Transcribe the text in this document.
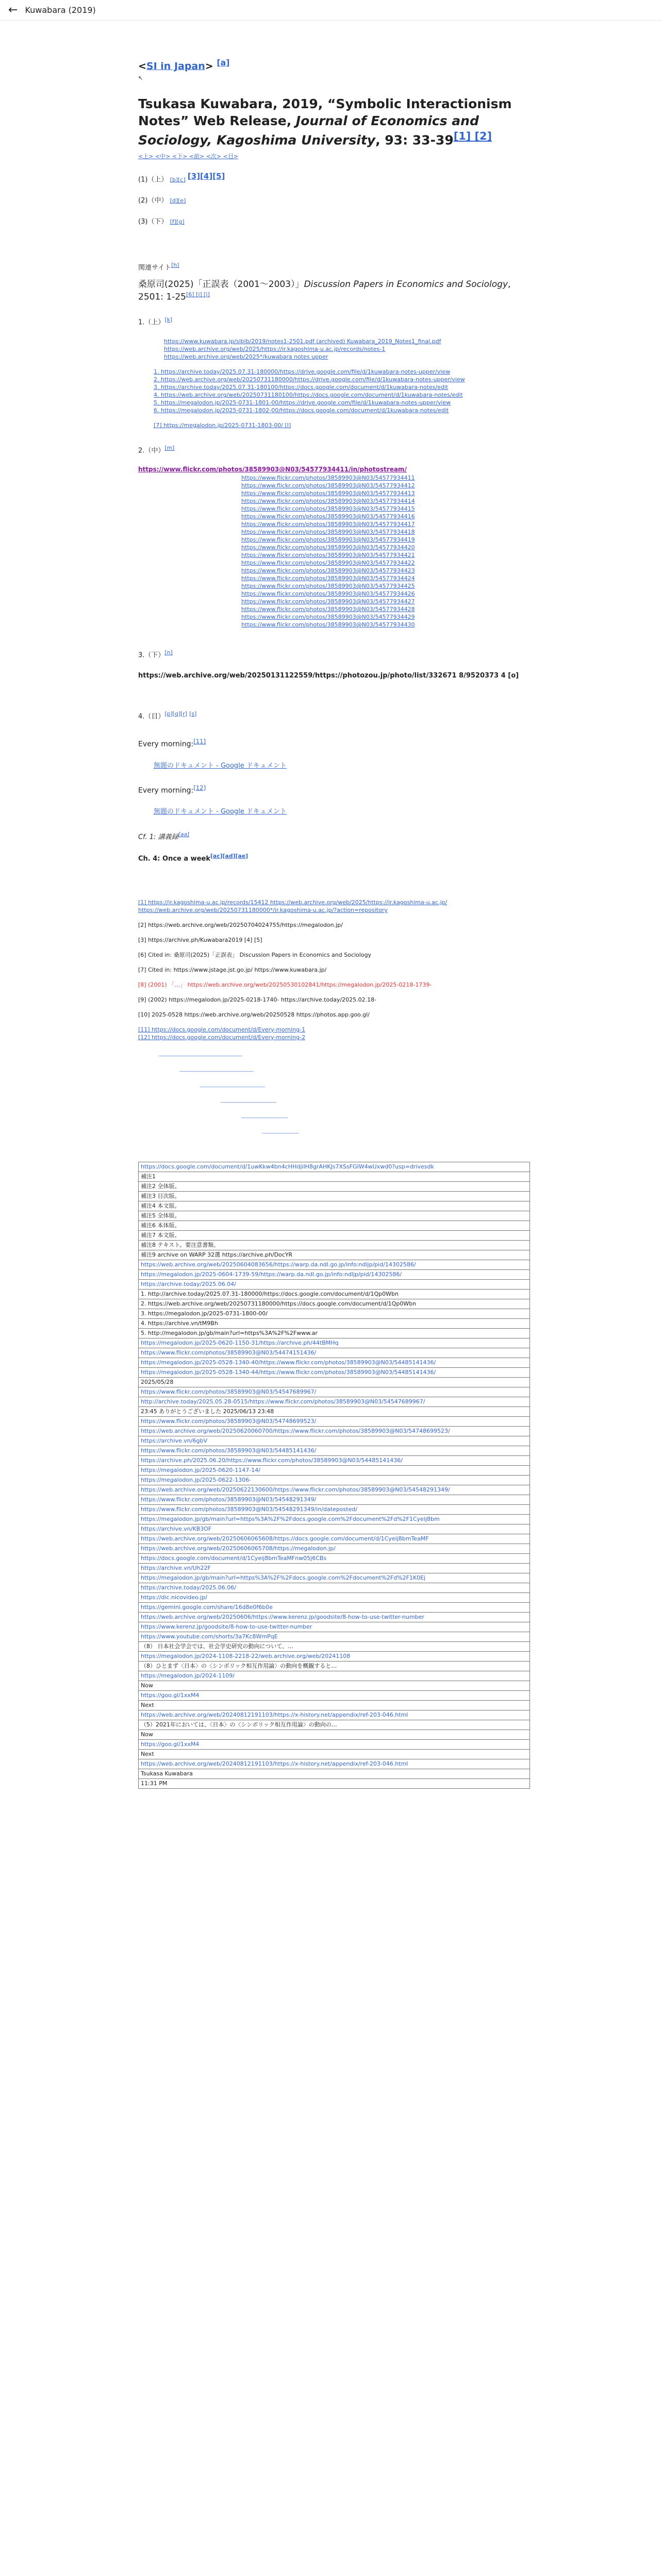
← Kuwabara (2019)
<SI in Japan> [a]
↖
Tsukasa Kuwabara, 2019, “Symbolic Interactionism Notes” Web Release, Journal of Economics and Sociology, Kagoshima University, 93: 33-39[1] [2]
<上> <中> <下> <前> <次> <目>
(1)（上） [b][c] [3][4][5]
(2)（中） [d][e]
(3)（下） [f][g]
関連サイト[h]
桑原司(2025)「正誤表（2001〜2003）」Discussion Papers in Economics and Sociology, 2501: 1-25[6] [i] [j]
1.（上）[k]
https://www.kuwabara.jp/sibib/2019/notes1-2501.pdf (archived) Kuwabara_2019_Notes1_final.pdf
https://web.archive.org/web/2025/https://ir.kagoshima-u.ac.jp/records/notes-1
https://web.archive.org/web/2025*/kuwabara notes upper
1. https://archive.today/2025.07.31-180000/https://drive.google.com/file/d/1kuwabara-notes-upper/view
2. https://web.archive.org/web/20250731180000/https://drive.google.com/file/d/1kuwabara-notes-upper/view
3. https://archive.today/2025.07.31-180100/https://docs.google.com/document/d/1kuwabara-notes/edit
4. https://web.archive.org/web/20250731180100/https://docs.google.com/document/d/1kuwabara-notes/edit
5. https://megalodon.jp/2025-0731-1801-00/https://drive.google.com/file/d/1kuwabara-notes-upper/view
6. https://megalodon.jp/2025-0731-1802-00/https://docs.google.com/document/d/1kuwabara-notes/edit
[7] https://megalodon.jp/2025-0731-1803-00/ [l]
2.（中）[m]
https://www.flickr.com/photos/38589903@N03/54577934411/in/photostream/
https://www.flickr.com/photos/38589903@N03/54577934411
https://www.flickr.com/photos/38589903@N03/54577934412
https://www.flickr.com/photos/38589903@N03/54577934413
https://www.flickr.com/photos/38589903@N03/54577934414
https://www.flickr.com/photos/38589903@N03/54577934415
https://www.flickr.com/photos/38589903@N03/54577934416
https://www.flickr.com/photos/38589903@N03/54577934417
https://www.flickr.com/photos/38589903@N03/54577934418
https://www.flickr.com/photos/38589903@N03/54577934419
https://www.flickr.com/photos/38589903@N03/54577934420
https://www.flickr.com/photos/38589903@N03/54577934421
https://www.flickr.com/photos/38589903@N03/54577934422
https://www.flickr.com/photos/38589903@N03/54577934423
https://www.flickr.com/photos/38589903@N03/54577934424
https://www.flickr.com/photos/38589903@N03/54577934425
https://www.flickr.com/photos/38589903@N03/54577934426
https://www.flickr.com/photos/38589903@N03/54577934427
https://www.flickr.com/photos/38589903@N03/54577934428
https://www.flickr.com/photos/38589903@N03/54577934429
https://www.flickr.com/photos/38589903@N03/54577934430
3.（下）[n]
https://web.archive.org/web/20250131122559/https://photozou.jp/photo/list/332671 8/9520373 4 [o]
4.（目）[p][q][r] [s]
Every morning:[11]
無題のドキュメント - Google ドキュメント
Every morning:[12]
無題のドキュメント - Google ドキュメント
Cf. 1: 講義録[aa]
Ch. 4: Once a week[ac][ad][ae]
[1] https://ir.kagoshima-u.ac.jp/records/15412 https://web.archive.org/web/2025/https://ir.kagoshima-u.ac.jp/
https://web.archive.org/web/20250731180000*/ir.kagoshima-u.ac.jp/?action=repository
[2] https://web.archive.org/web/20250704024755/https://megalodon.jp/
[3] https://archive.ph/Kuwabara2019 [4] [5]
[6] Cited in: 桑原司(2025)「正誤表」 Discussion Papers in Economics and Sociology
[7] Cited in: https://www.jstage.jst.go.jp/ https://www.kuwabara.jp/
[8] (2001) 「…」 https://web.archive.org/web/20250530102841/https://megalodon.jp/2025-0218-1739-
[9] (2002) https://megalodon.jp/2025-0218-1740- https://archive.today/2025.02.18-
[10] 2025-0528 https://web.archive.org/web/20250528 https://photos.app.goo.gl/
[11] https://docs.google.com/document/d/Every-morning-1
[12] https://docs.google.com/document/d/Every-morning-2
____________________________________
________________________________
____________________________
________________________
____________________
________________
https://docs.google.com/document/d/1uwKkw4bn4cHHdjiIH8grAHKJs7XSsFGIW4wUxwd0?usp=drivesdk
補注1
補注2 全体版。
補注3 目次版。
補注4 本文版。
補注5 全体版。
補注6 本体版。
補注7 本文版。
補注8 テキスト。要注意書類。
補注9 archive on WARP 32選 https://archive.ph/DocYR
https://web.archive.org/web/20250604083656/https://warp.da.ndl.go.jp/info:ndljp/pid/14302586/
https://megalodon.jp/2025-0604-1739-59/https://warp.da.ndl.go.jp/info:ndljp/pid/14302586/
https://archive.today/2025.06.04/
1. http://archive.today/2025.07.31-180000/https://docs.google.com/document/d/1Qp0Wbn
2. https://web.archive.org/web/20250731180000/https://docs.google.com/document/d/1Qp0Wbn
3. https://megalodon.jp/2025-0731-1800-00/
4. https://archive.vn/tM9Bh
5. http://megalodon.jp/gb/main?url=https%3A%2F%2Fwww.ar
https://megalodon.jp/2025-0620-1150-31/https://archive.ph/44tBMHq
https://www.flickr.com/photos/38589903@N03/54474151436/
https://megalodon.jp/2025-0528-1340-40/https://www.flickr.com/photos/38589903@N03/54485141436/
https://megalodon.jp/2025-0528-1340-44/https://www.flickr.com/photos/38589903@N03/54485141436/
2025/05/28
https://www.flickr.com/photos/38589903@N03/54547689967/
http://archive.today/2025.05.28-0515/https://www.flickr.com/photos/38589903@N03/54547689967/
23:45 ありがとうございました 2025/06/13 23:48
https://www.flickr.com/photos/38589903@N03/54748699523/
https://web.archive.org/web/20250620060700/https://www.flickr.com/photos/38589903@N03/54748699523/
https://archive.vn/6gbV
https://www.flickr.com/photos/38589903@N03/54485141436/
https://archive.ph/2025.06.20/https://www.flickr.com/photos/38589903@N03/54485141436/
https://megalodon.jp/2025-0620-1147-14/
https://megalodon.jp/2025-0622-1306-
https://web.archive.org/web/20250622130600/https://www.flickr.com/photos/38589903@N03/54548291349/
https://www.flickr.com/photos/38589903@N03/54548291349/
https://www.flickr.com/photos/38589903@N03/54548291349/in/dateposted/
https://megalodon.jp/gb/main?url=https%3A%2F%2Fdocs.google.com%2Fdocument%2Fd%2F1Cyeij8bm
https://archive.vn/KB3OF
https://web.archive.org/web/20250606065608/https://docs.google.com/document/d/1Cyeij8bmTeaMF
https://web.archive.org/web/20250606065708/https://megalodon.jp/
https://docs.google.com/document/d/1Cyeij8bmTeaMFnw05j6CBs
https://archive.vn/Uh22F
https://megalodon.jp/gb/main?url=https%3A%2F%2Fdocs.google.com%2Fdocument%2Fd%2F1K0Ej
https://archive.today/2025.06.06/
https://dic.nicovideo.jp/
https://gemini.google.com/share/16d8e0f6b0e
https://web.archive.org/web/20250606/https://www.kerenz.jp/goodsite/8-how-to-use-twitter-number
https://www.kerenz.jp/goodsite/8-how-to-use-twitter-number
https://www.youtube.com/shorts/3a7Kc8WmPqE
（8） 日本社会学会では、社会学史研究の動向について、…
https://megalodon.jp/2024-1108-2218-22/web.archive.org/web/20241108
（8）ひとまず〈日本〉の〈シンボリック相互作用論〉の動向を概観すると…
https://megalodon.jp/2024-1109/
Now
https://goo.gl/1xxM4
Next
https://web.archive.org/web/20240812191103/https://x-history.net/appendix/ref-203-046.html
（5）2021年においては、〈日本〉の〈シンボリック相互作用論〉の動向の…
Now
https://goo.gl/1xxM4
Next
https://web.archive.org/web/20240812191103/https://x-history.net/appendix/ref-203-046.html
Tsukasa Kuwabara
11:31 PM
